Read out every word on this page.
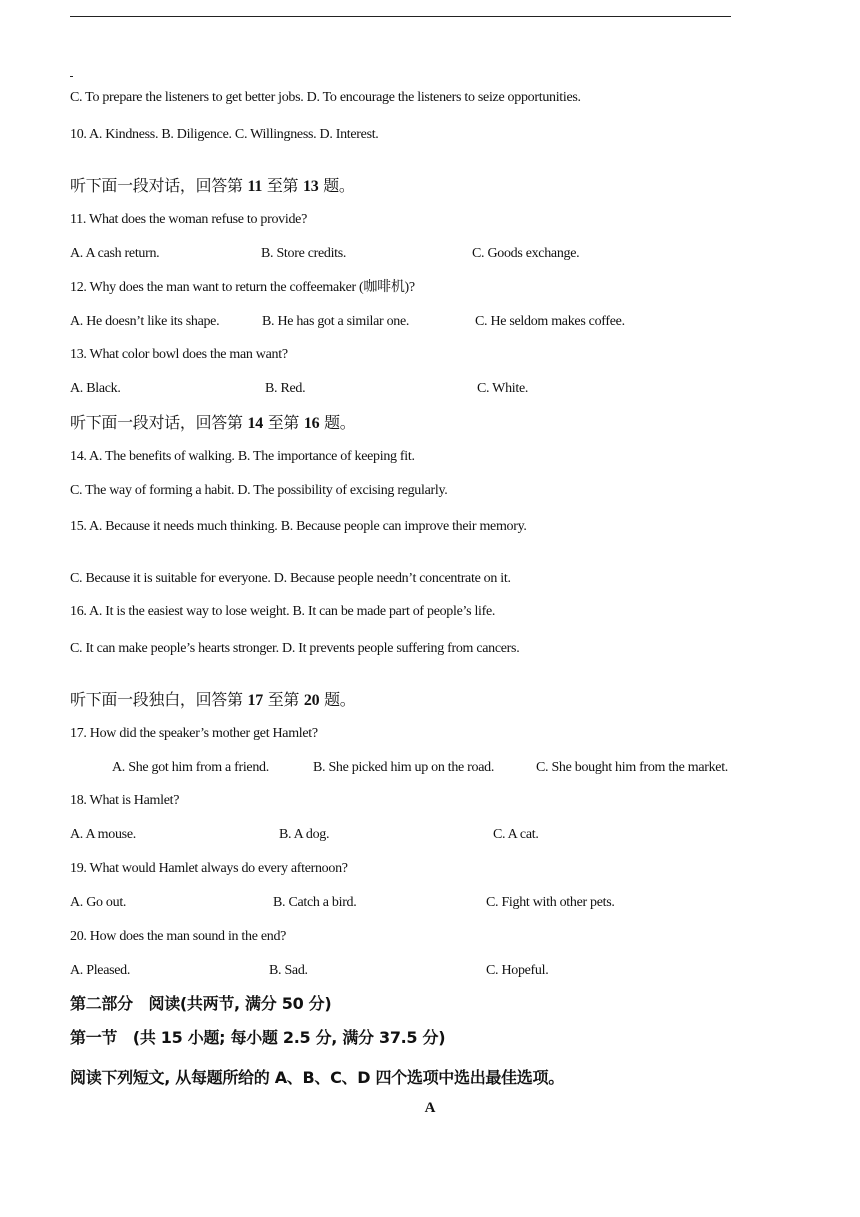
C. To prepare the listeners to get better jobs. D. To encourage the listeners to seize opportunities.
10. A. Kindness. B. Diligence. C. Willingness. D. Interest.
听下面一段对话，回答第 11 至第 13 题。
11. What does the woman refuse to provide?
A. A cash return.	B. Store credits.	C. Goods exchange.
12. Why does the man want to return the coffeemaker (咖啡机)?
A. He doesn’t like its shape.	B. He has got a similar one.	C. He seldom makes coffee.
13. What color bowl does the man want?
A. Black.	B. Red.	C. White.
听下面一段对话，回答第 14 至第 16 题。
14. A. The benefits of walking. B. The importance of keeping fit.
C. The way of forming a habit. D. The possibility of excising regularly.
15. A. Because it needs much thinking. B. Because people can improve their memory.
C. Because it is suitable for everyone. D. Because people needn’t concentrate on it.
16. A. It is the easiest way to lose weight. B. It can be made part of people’s life.
C. It can make people’s hearts stronger. D. It prevents people suffering from cancers.
听下面一段独白，回答第 17 至第 20 题。
17. How did the speaker’s mother get Hamlet?
A. She got him from a friend.	B. She picked him up on the road.	C. She bought him from the market.
18. What is Hamlet?
A. A mouse.	B. A dog.	C. A cat.
19. What would Hamlet always do every afternoon?
A. Go out.	B. Catch a bird.	C. Fight with other pets.
20. How does the man sound in the end?
A. Pleased.	B. Sad.	C. Hopeful.
第二部分　阅读(共两节, 满分 50 分)
第一节　(共 15 小题; 每小题 2.5 分, 满分 37.5 分)
阅读下列短文, 从每题所给的 A、B、C、D 四个选项中选出最佳选项。
A
